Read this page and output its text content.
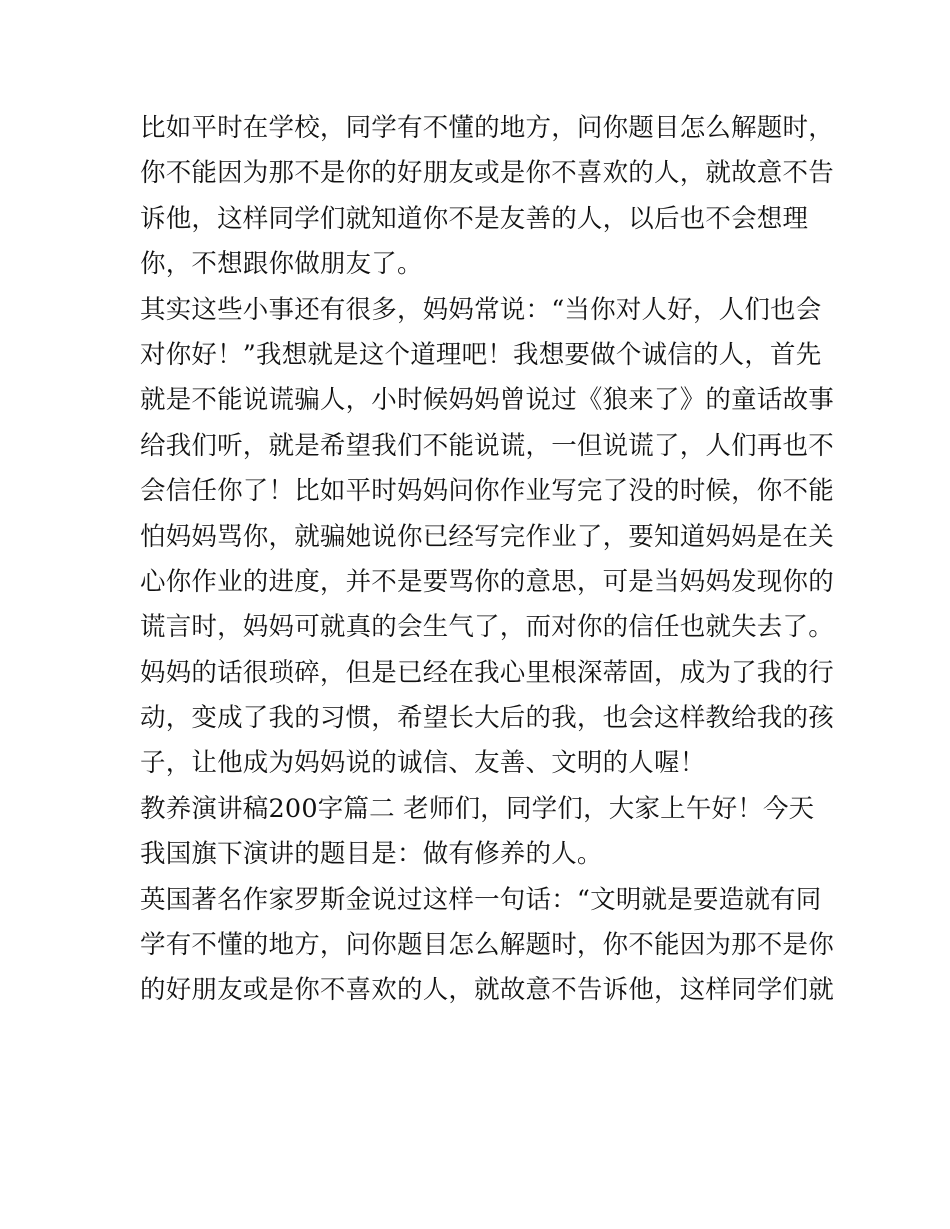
比如平时在学校，同学有不懂的地方，问你题目怎么解题时，
你不能因为那不是你的好朋友或是你不喜欢的人，就故意不告
诉他，这样同学们就知道你不是友善的人，以后也不会想理
你，不想跟你做朋友了。
其实这些小事还有很多，妈妈常说：“当你对人好，人们也会
对你好！”我想就是这个道理吧！我想要做个诚信的人，首先
就是不能说谎骗人，小时候妈妈曾说过《狼来了》的童话故事
给我们听，就是希望我们不能说谎，一但说谎了，人们再也不
会信任你了！比如平时妈妈问你作业写完了没的时候，你不能
怕妈妈骂你，就骗她说你已经写完作业了，要知道妈妈是在关
心你作业的进度，并不是要骂你的意思，可是当妈妈发现你的
谎言时，妈妈可就真的会生气了，而对你的信任也就失去了。
妈妈的话很琐碎，但是已经在我心里根深蒂固，成为了我的行
动，变成了我的习惯，希望长大后的我，也会这样教给我的孩
子，让他成为妈妈说的诚信、友善、文明的人喔！
教养演讲稿200字篇二 老师们，同学们，大家上午好！今天
我国旗下演讲的题目是：做有修养的人。
英国著名作家罗斯金说过这样一句话：“文明就是要造就有同
学有不懂的地方，问你题目怎么解题时，你不能因为那不是你
的好朋友或是你不喜欢的人，就故意不告诉他，这样同学们就
